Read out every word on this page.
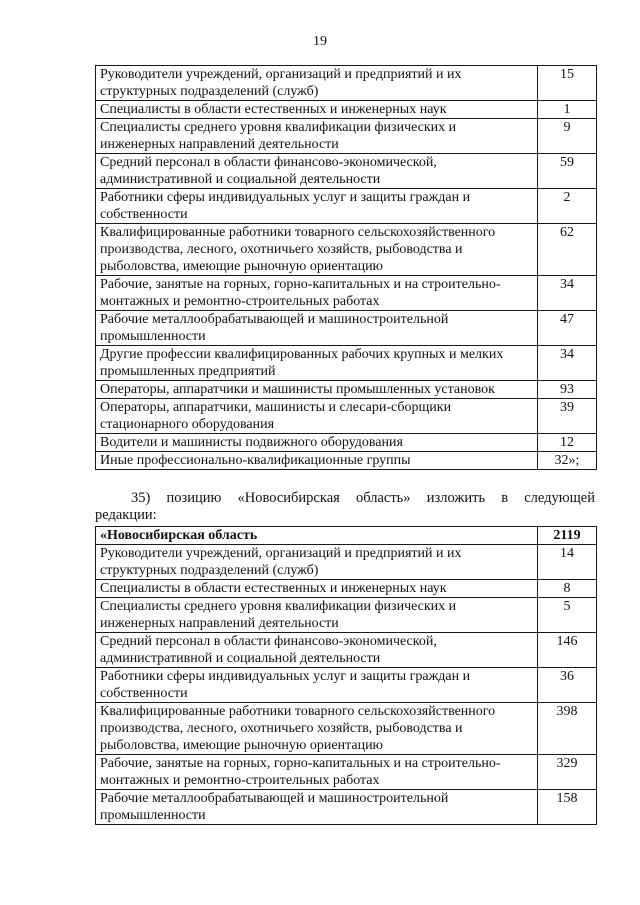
19
Руководители учреждений, организаций и предприятий и их структурных подразделений (служб)	15
Специалисты в области естественных и инженерных наук	1
Специалисты среднего уровня квалификации физических и инженерных направлений деятельности	9
Средний персонал в области финансово-экономической, административной и социальной деятельности	59
Работники сферы индивидуальных услуг и защиты граждан и собственности	2
Квалифицированные работники товарного сельскохозяйственного производства, лесного, охотничьего хозяйств, рыбоводства и рыболовства, имеющие рыночную ориентацию	62
Рабочие, занятые на горных, горно-капитальных и на строительно-монтажных и ремонтно-строительных работах	34
Рабочие металлообрабатывающей и машиностроительной промышленности	47
Другие профессии квалифицированных рабочих крупных и мелких промышленных предприятий	34
Операторы, аппаратчики и машинисты промышленных установок	93
Операторы, аппаратчики, машинисты и слесари-сборщики стационарного оборудования	39
Водители и машинисты подвижного оборудования	12
Иные профессионально-квалификационные группы	32»;
35) позицию «Новосибирская область» изложить в следующей
редакции:
«Новосибирская область	2119
Руководители учреждений, организаций и предприятий и их структурных подразделений (служб)	14
Специалисты в области естественных и инженерных наук	8
Специалисты среднего уровня квалификации физических и инженерных направлений деятельности	5
Средний персонал в области финансово-экономической, административной и социальной деятельности	146
Работники сферы индивидуальных услуг и защиты граждан и собственности	36
Квалифицированные работники товарного сельскохозяйственного производства, лесного, охотничьего хозяйств, рыбоводства и рыболовства, имеющие рыночную ориентацию	398
Рабочие, занятые на горных, горно-капитальных и на строительно-монтажных и ремонтно-строительных работах	329
Рабочие металлообрабатывающей и машиностроительной промышленности	158
